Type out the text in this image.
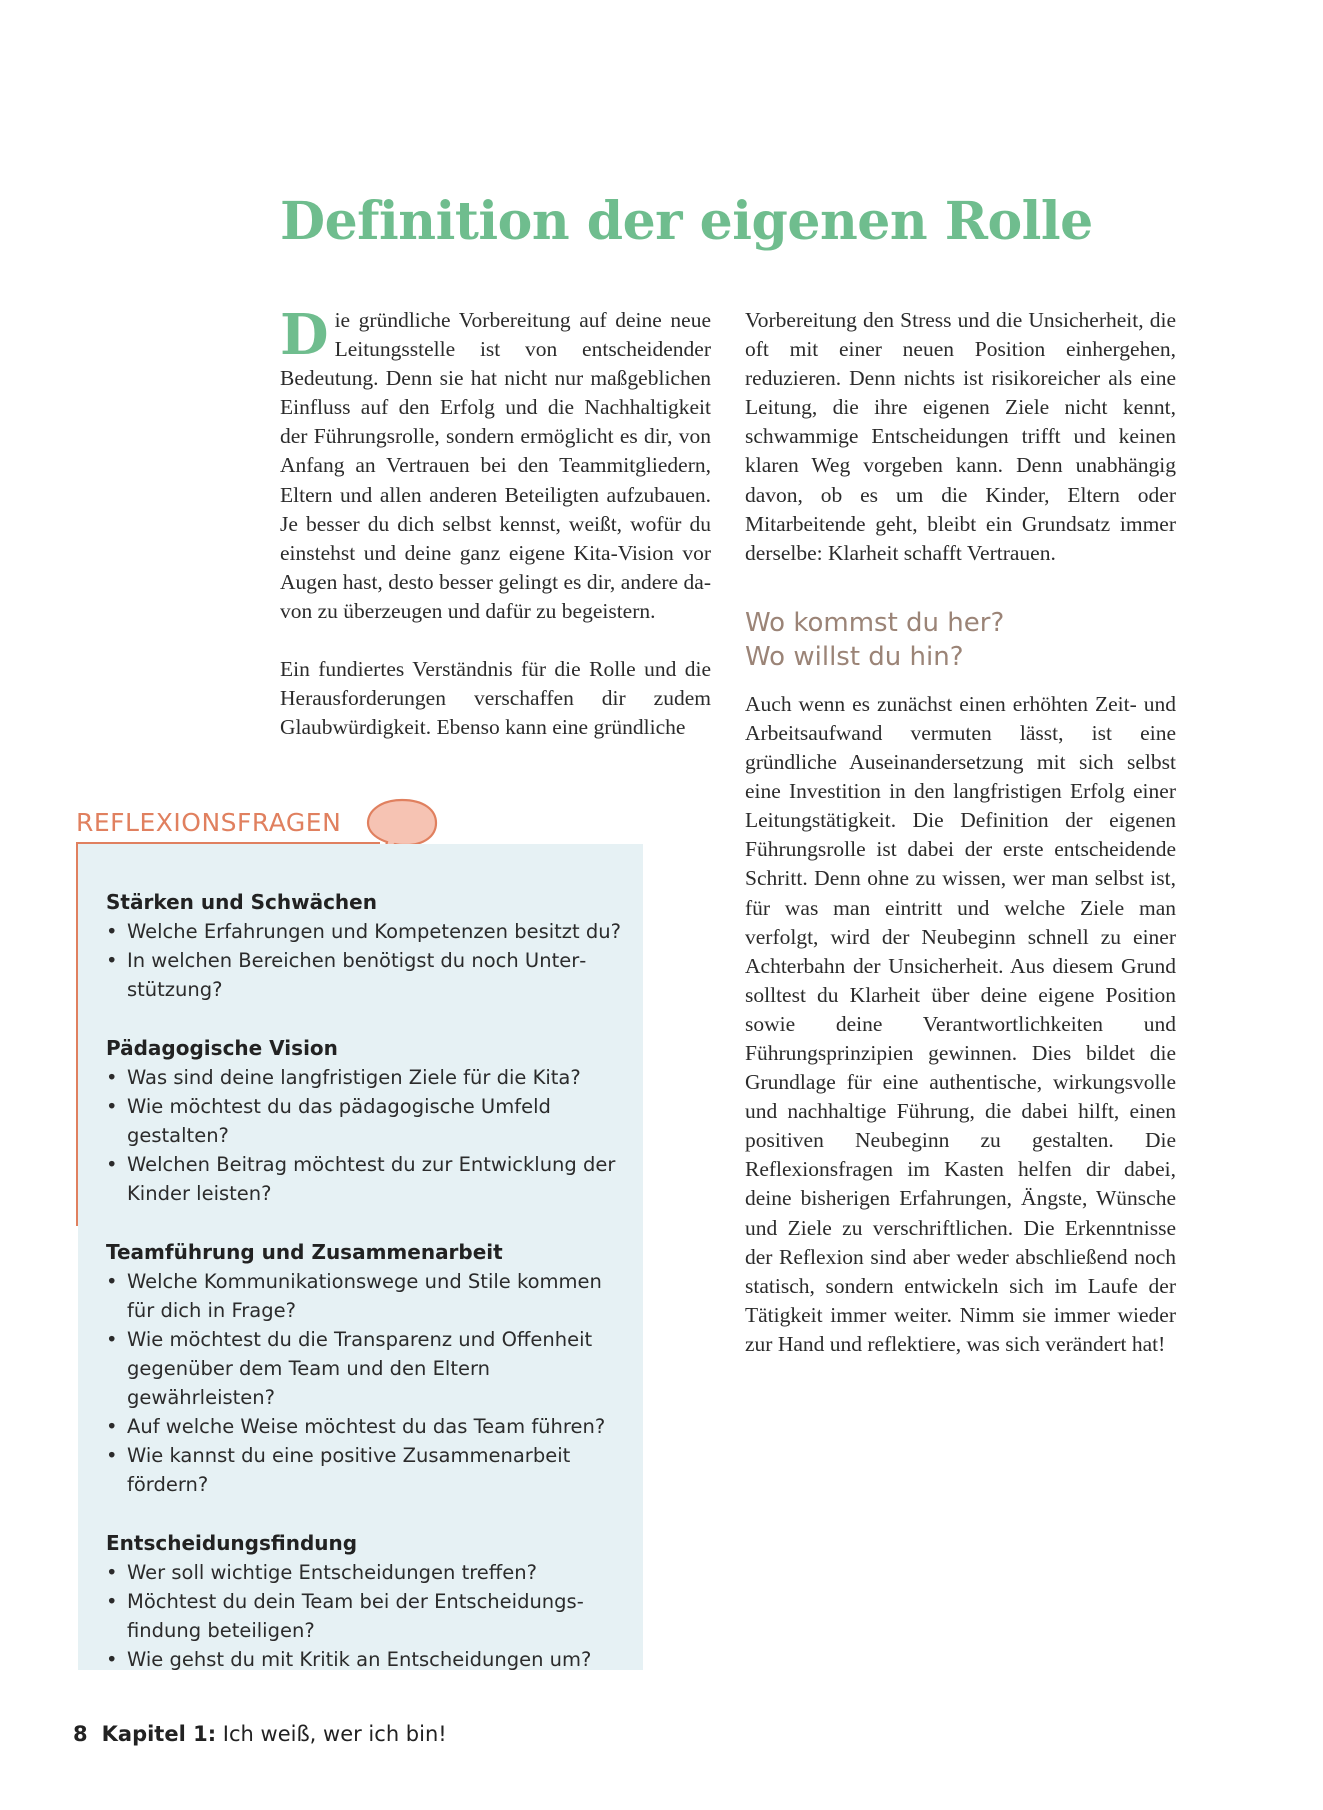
Definition der eigenen Rolle

Die gründliche Vorbereitung auf deine neue Leitungsstelle ist von entscheidender Bedeutung. Denn sie hat nicht nur maßgeblichen Einfluss auf den Erfolg und die Nachhaltigkeit der Führungsrolle, sondern ermöglicht es dir, von Anfang an Vertrauen bei den Teammitgliedern, Eltern und allen anderen Beteiligten aufzubauen. Je besser du dich selbst kennst, weißt, wofür du einstehst und deine ganz eigene Kita-Vision vor Augen hast, desto besser gelingt es dir, andere davon zu überzeugen und dafür zu begeistern.

Ein fundiertes Verständnis für die Rolle und die Herausforderungen verschaffen dir zudem Glaubwürdigkeit. Ebenso kann eine gründliche

Vorbereitung den Stress und die Unsicherheit, die oft mit einer neuen Position einhergehen, reduzieren. Denn nichts ist risikoreicher als eine Leitung, die ihre eigenen Ziele nicht kennt, schwammige Entscheidungen trifft und keinen klaren Weg vorgeben kann. Denn unabhängig davon, ob es um die Kinder, Eltern oder Mitarbeitende geht, bleibt ein Grundsatz immer derselbe: Klarheit schafft Vertrauen.

Wo kommst du her?
Wo willst du hin?

Auch wenn es zunächst einen erhöhten Zeit- und Arbeitsaufwand vermuten lässt, ist eine gründliche Auseinandersetzung mit sich selbst eine Investition in den langfristigen Erfolg einer Leitungstätigkeit. Die Definition der eigenen Führungsrolle ist dabei der erste entscheidende Schritt. Denn ohne zu wissen, wer man selbst ist, für was man eintritt und welche Ziele man verfolgt, wird der Neubeginn schnell zu einer Achterbahn der Unsicherheit. Aus diesem Grund solltest du Klarheit über deine eigene Position sowie deine Verantwortlichkeiten und Führungsprinzipien gewinnen. Dies bildet die Grundlage für eine authentische, wirkungsvolle und nachhaltige Führung, die dabei hilft, einen positiven Neubeginn zu gestalten. Die Reflexionsfragen im Kasten helfen dir dabei, deine bisherigen Erfahrungen, Ängste, Wünsche und Ziele zu verschriftlichen. Die Erkenntnisse der Reflexion sind aber weder abschließend noch statisch, sondern entwickeln sich im Laufe der Tätigkeit immer weiter. Nimm sie immer wieder zur Hand und reflektiere, was sich verändert hat!

REFLEXIONSFRAGEN
Stärken und Schwächen
• Welche Erfahrungen und Kompetenzen besitzt du?
• In welchen Bereichen benötigst du noch Unterstützung?
Pädagogische Vision
• Was sind deine langfristigen Ziele für die Kita?
• Wie möchtest du das pädagogische Umfeld gestalten?
• Welchen Beitrag möchtest du zur Entwicklung der Kinder leisten?
Teamführung und Zusammenarbeit
• Welche Kommunikationswege und Stile kommen für dich in Frage?
• Wie möchtest du die Transparenz und Offenheit gegenüber dem Team und den Eltern gewährleisten?
• Auf welche Weise möchtest du das Team führen?
• Wie kannst du eine positive Zusammenarbeit fördern?
Entscheidungsfindung
• Wer soll wichtige Entscheidungen treffen?
• Möchtest du dein Team bei der Entscheidungsfindung beteiligen?
• Wie gehst du mit Kritik an Entscheidungen um?
8 Kapitel 1: Ich weiß, wer ich bin!
